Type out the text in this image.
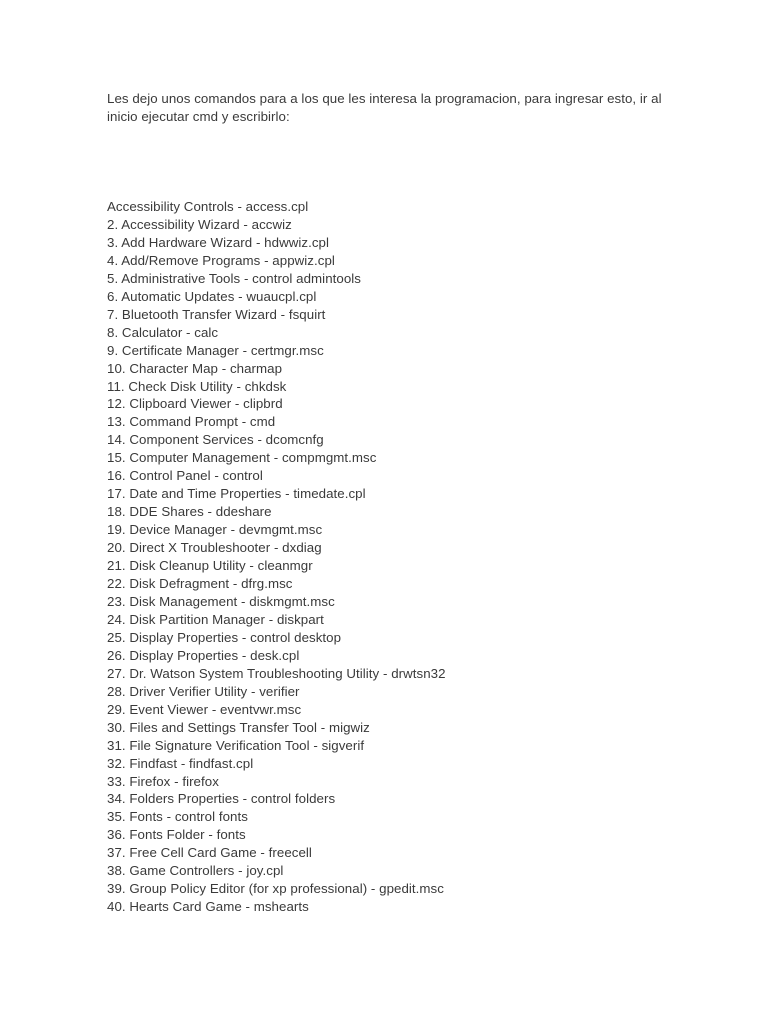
Les dejo unos comandos para a los que les interesa la programacion, para ingresar esto, ir al inicio ejecutar cmd y escribirlo:

Accessibility Controls - access.cpl
2. Accessibility Wizard - accwiz
3. Add Hardware Wizard - hdwwiz.cpl
4. Add/Remove Programs - appwiz.cpl
5. Administrative Tools - control admintools
6. Automatic Updates - wuaucpl.cpl
7. Bluetooth Transfer Wizard - fsquirt
8. Calculator - calc
9. Certificate Manager - certmgr.msc
10. Character Map - charmap
11. Check Disk Utility - chkdsk
12. Clipboard Viewer - clipbrd
13. Command Prompt - cmd
14. Component Services - dcomcnfg
15. Computer Management - compmgmt.msc
16. Control Panel - control
17. Date and Time Properties - timedate.cpl
18. DDE Shares - ddeshare
19. Device Manager - devmgmt.msc
20. Direct X Troubleshooter - dxdiag
21. Disk Cleanup Utility - cleanmgr
22. Disk Defragment - dfrg.msc
23. Disk Management - diskmgmt.msc
24. Disk Partition Manager - diskpart
25. Display Properties - control desktop
26. Display Properties - desk.cpl
27. Dr. Watson System Troubleshooting Utility - drwtsn32
28. Driver Verifier Utility - verifier
29. Event Viewer - eventvwr.msc
30. Files and Settings Transfer Tool - migwiz
31. File Signature Verification Tool - sigverif
32. Findfast - findfast.cpl
33. Firefox - firefox
34. Folders Properties - control folders
35. Fonts - control fonts
36. Fonts Folder - fonts
37. Free Cell Card Game - freecell
38. Game Controllers - joy.cpl
39. Group Policy Editor (for xp professional) - gpedit.msc
40. Hearts Card Game - mshearts
